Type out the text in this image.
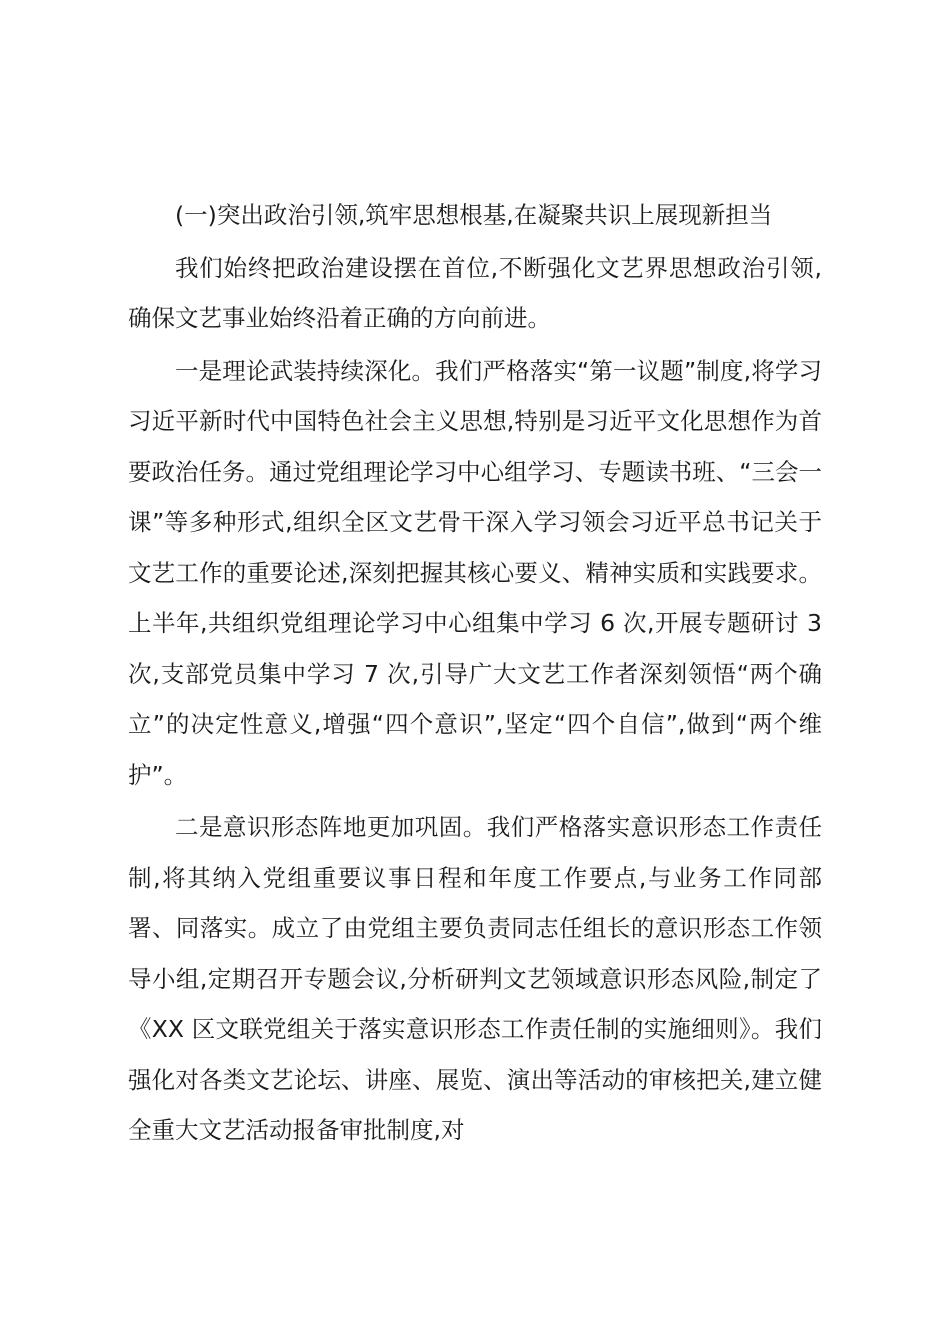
(一)突出政治引领,筑牢思想根基,在凝聚共识上展现新担当

我们始终把政治建设摆在首位,不断强化文艺界思想政治引领,确保文艺事业始终沿着正确的方向前进。

一是理论武装持续深化。我们严格落实“第一议题”制度,将学习习近平新时代中国特色社会主义思想,特别是习近平文化思想作为首要政治任务。通过党组理论学习中心组学习、专题读书班、“三会一课”等多种形式,组织全区文艺骨干深入学习领会习近平总书记关于文艺工作的重要论述,深刻把握其核心要义、精神实质和实践要求。上半年,共组织党组理论学习中心组集中学习 6 次,开展专题研讨 3 次,支部党员集中学习 7 次,引导广大文艺工作者深刻领悟“两个确立”的决定性意义,增强“四个意识”,坚定“四个自信”,做到“两个维护”。

二是意识形态阵地更加巩固。我们严格落实意识形态工作责任制,将其纳入党组重要议事日程和年度工作要点,与业务工作同部署、同落实。成立了由党组主要负责同志任组长的意识形态工作领导小组,定期召开专题会议,分析研判文艺领域意识形态风险,制定了《XX 区文联党组关于落实意识形态工作责任制的实施细则》。我们强化对各类文艺论坛、讲座、展览、演出等活动的审核把关,建立健全重大文艺活动报备审批制度,对
